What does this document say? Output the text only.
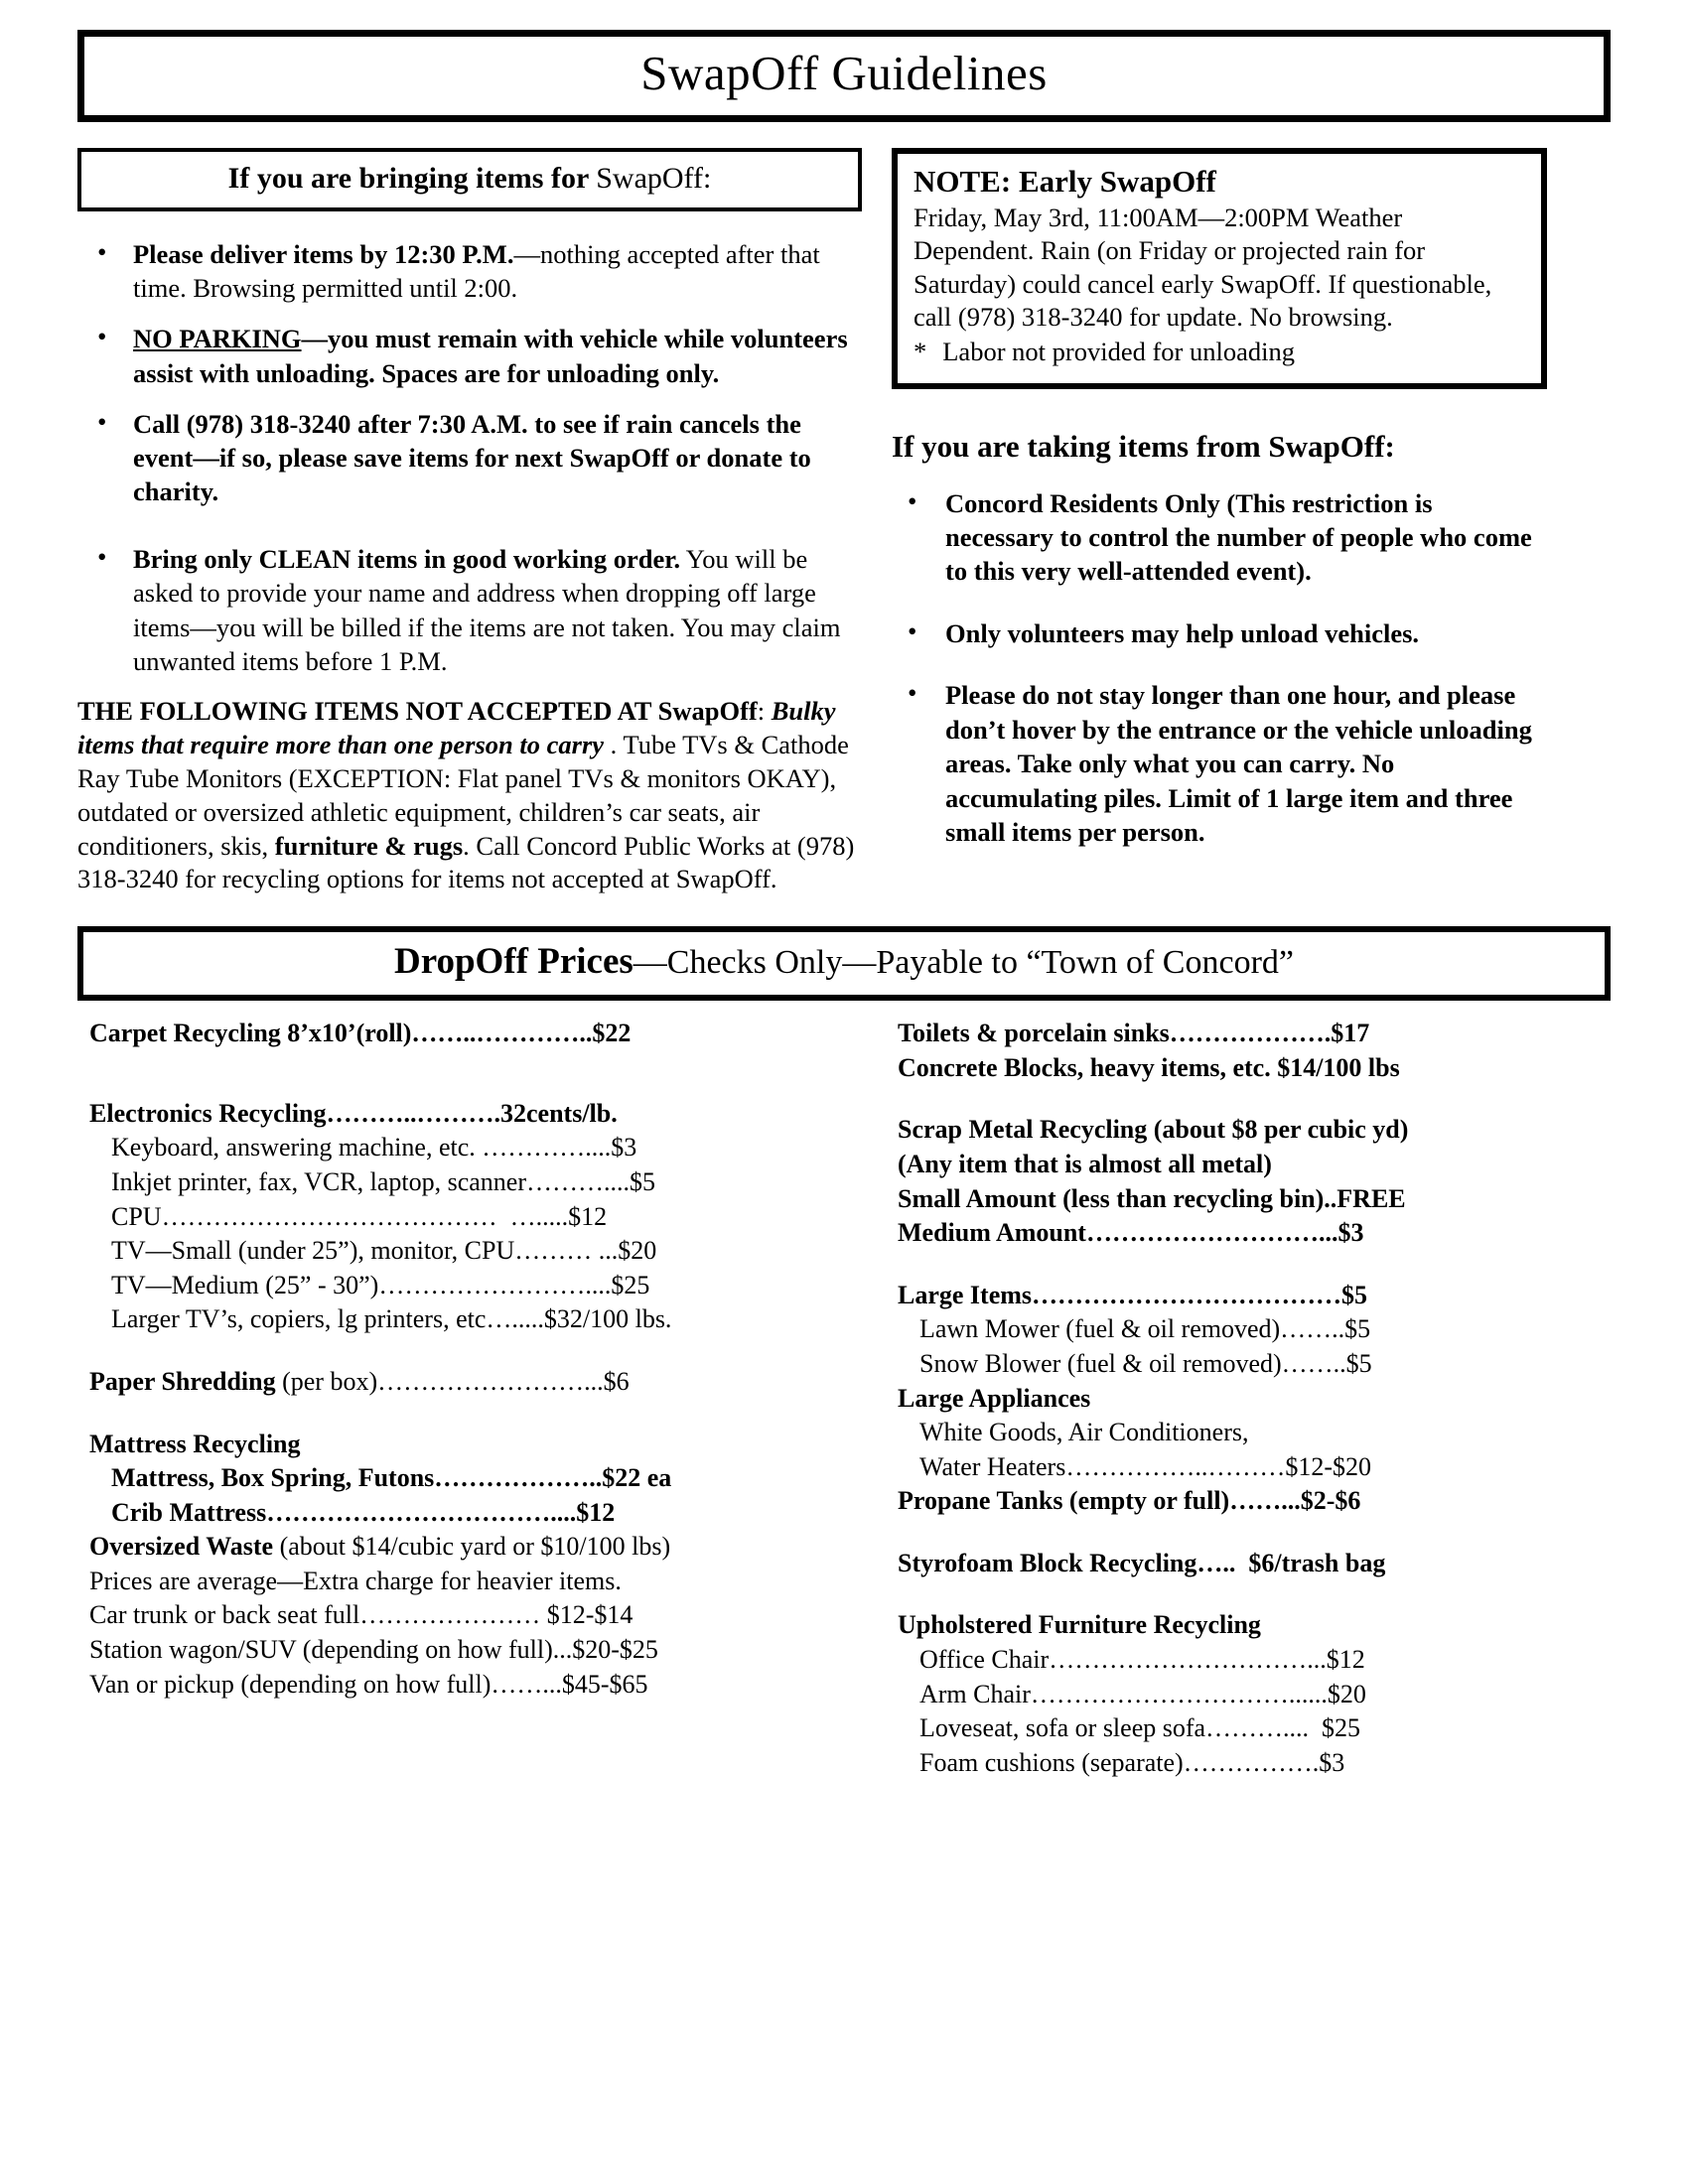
SwapOff Guidelines
If you are bringing items for SwapOff:
• Please deliver items by 12:30 P.M.—nothing accepted after that time. Browsing permitted until 2:00.
• NO PARKING—you must remain with vehicle while volunteers assist with unloading. Spaces are for unloading only.
• Call (978) 318-3240 after 7:30 A.M. to see if rain cancels the event—if so, please save items for next SwapOff or donate to charity.
• Bring only CLEAN items in good working order. You will be asked to provide your name and address when dropping off large items—you will be billed if the items are not taken. You may claim unwanted items before 1 P.M.
THE FOLLOWING ITEMS NOT ACCEPTED AT SwapOff: Bulky items that require more than one person to carry . Tube TVs & Cathode Ray Tube Monitors (EXCEPTION: Flat panel TVs & monitors OKAY), outdated or oversized athletic equipment, children’s car seats, air conditioners, skis, furniture & rugs. Call Concord Public Works at (978) 318-3240 for recycling options for items not accepted at SwapOff.
NOTE: Early SwapOff
Friday, May 3rd, 11:00AM—2:00PM Weather Dependent. Rain (on Friday or projected rain for Saturday) could cancel early SwapOff. If questionable, call (978) 318-3240 for update. No browsing.
* Labor not provided for unloading
If you are taking items from SwapOff:
• Concord Residents Only (This restriction is necessary to control the number of people who come to this very well-attended event).
• Only volunteers may help unload vehicles.
• Please do not stay longer than one hour, and please don’t hover by the entrance or the vehicle unloading areas. Take only what you can carry. No accumulating piles. Limit of 1 large item and three small items per person.
DropOff Prices—Checks Only—Payable to “Town of Concord”
Carpet Recycling 8’x10’(roll)……..…………..$22
Electronics Recycling………..……….32cents/lb.
Keyboard, answering machine, etc. …………....$3
Inkjet printer, fax, VCR, laptop, scanner………....$5
CPU…………………………………  ….....$12
TV—Small (under 25”), monitor, CPU……… ...$20
TV—Medium (25” - 30”)……………………....$25
Larger TV’s, copiers, lg printers, etc….....$32/100 lbs.
Paper Shredding (per box)……………………...$6
Mattress Recycling
Mattress, Box Spring, Futons………………..$22 ea
Crib Mattress……………………………....$12
Oversized Waste (about $14/cubic yard or $10/100 lbs)
Prices are average—Extra charge for heavier items.
Car trunk or back seat full………………… $12-$14
Station wagon/SUV (depending on how full)...$20-$25
Van or pickup (depending on how full)……...$45-$65
Toilets & porcelain sinks……………….$17
Concrete Blocks, heavy items, etc. $14/100 lbs
Scrap Metal Recycling (about $8 per cubic yd)
(Any item that is almost all metal)
Small Amount (less than recycling bin)..FREE
Medium Amount………………………...$3
Large Items………………………………$5
Lawn Mower (fuel & oil removed)……..$5
Snow Blower (fuel & oil removed)……..$5
Large Appliances
White Goods, Air Conditioners,
Water Heaters……………..………$12-$20
Propane Tanks (empty or full)……...$2-$6
Styrofoam Block Recycling…..  $6/trash bag
Upholstered Furniture Recycling
Office Chair…………………………...$12
Arm Chair…………………………......$20
Loveseat, sofa or sleep sofa………....  $25
Foam cushions (separate)…………….$3
